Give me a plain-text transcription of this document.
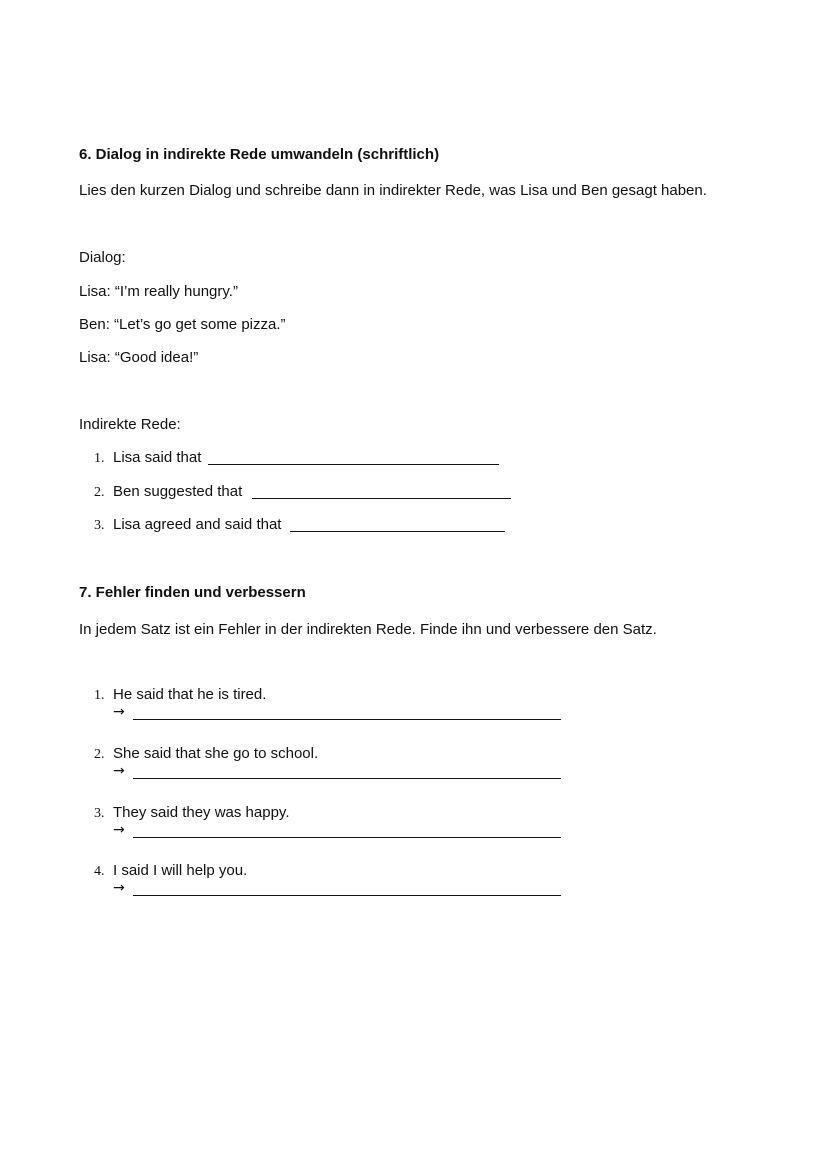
6. Dialog in indirekte Rede umwandeln (schriftlich)
Lies den kurzen Dialog und schreibe dann in indirekter Rede, was Lisa und Ben gesagt haben.
Dialog:
Lisa: “I’m really hungry.”
Ben: “Let’s go get some pizza.”
Lisa: “Good idea!”
Indirekte Rede:
1. Lisa said that
2. Ben suggested that
3. Lisa agreed and said that
7. Fehler finden und verbessern
In jedem Satz ist ein Fehler in der indirekten Rede. Finde ihn und verbessere den Satz.
1. He said that he is tired.
→
2. She said that she go to school.
→
3. They said they was happy.
→
4. I said I will help you.
→
